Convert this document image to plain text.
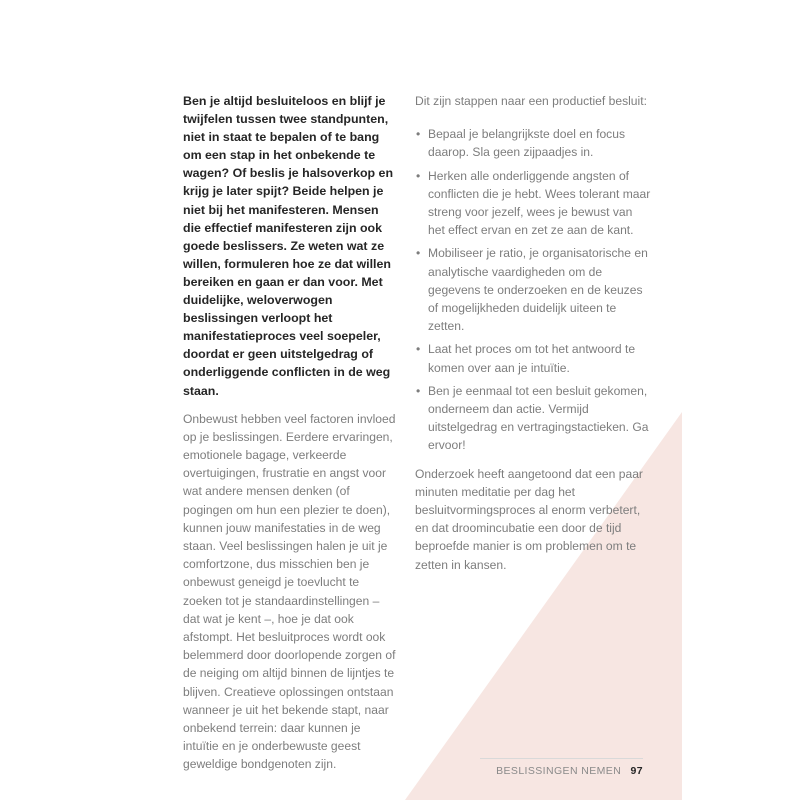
Ben je altijd besluiteloos en blijf je twijfelen tussen twee standpunten, niet in staat te bepalen of te bang om een stap in het onbekende te wagen? Of beslis je halsoverkop en krijg je later spijt? Beide helpen je niet bij het manifesteren. Mensen die effectief manifesteren zijn ook goede beslissers. Ze weten wat ze willen, formuleren hoe ze dat willen bereiken en gaan er dan voor. Met duidelijke, weloverwogen beslissingen verloopt het manifestatieproces veel soepeler, doordat er geen uitstelgedrag of onderliggende conflicten in de weg staan.

Onbewust hebben veel factoren invloed op je beslissingen. Eerdere ervaringen, emotionele bagage, verkeerde overtuigingen, frustratie en angst voor wat andere mensen denken (of pogingen om hun een plezier te doen), kunnen jouw manifestaties in de weg staan. Veel beslissingen halen je uit je comfortzone, dus misschien ben je onbewust geneigd je toevlucht te zoeken tot je standaardinstellingen – dat wat je kent –, hoe je dat ook afstompt. Het besluitproces wordt ook belemmerd door doorlopende zorgen of de neiging om altijd binnen de lijntjes te blijven. Creatieve oplossingen ontstaan wanneer je uit het bekende stapt, naar onbekend terrein: daar kunnen je intuïtie en je onderbewuste geest geweldige bondgenoten zijn.

Dit zijn stappen naar een productief besluit:

• Bepaal je belangrijkste doel en focus daarop. Sla geen zijpaadjes in.
• Herken alle onderliggende angsten of conflicten die je hebt. Wees tolerant maar streng voor jezelf, wees je bewust van het effect ervan en zet ze aan de kant.
• Mobiliseer je ratio, je organisatorische en analytische vaardigheden om de gegevens te onderzoeken en de keuzes of mogelijkheden duidelijk uiteen te zetten.
• Laat het proces om tot het antwoord te komen over aan je intuïtie.
• Ben je eenmaal tot een besluit gekomen, onderneem dan actie. Vermijd uitstelgedrag en vertragingstactieken. Ga ervoor!

Onderzoek heeft aangetoond dat een paar minuten meditatie per dag het besluitvormingsproces al enorm verbetert, en dat droomincubatie een door de tijd beproefde manier is om problemen om te zetten in kansen.

BESLISSINGEN NEMEN 97
